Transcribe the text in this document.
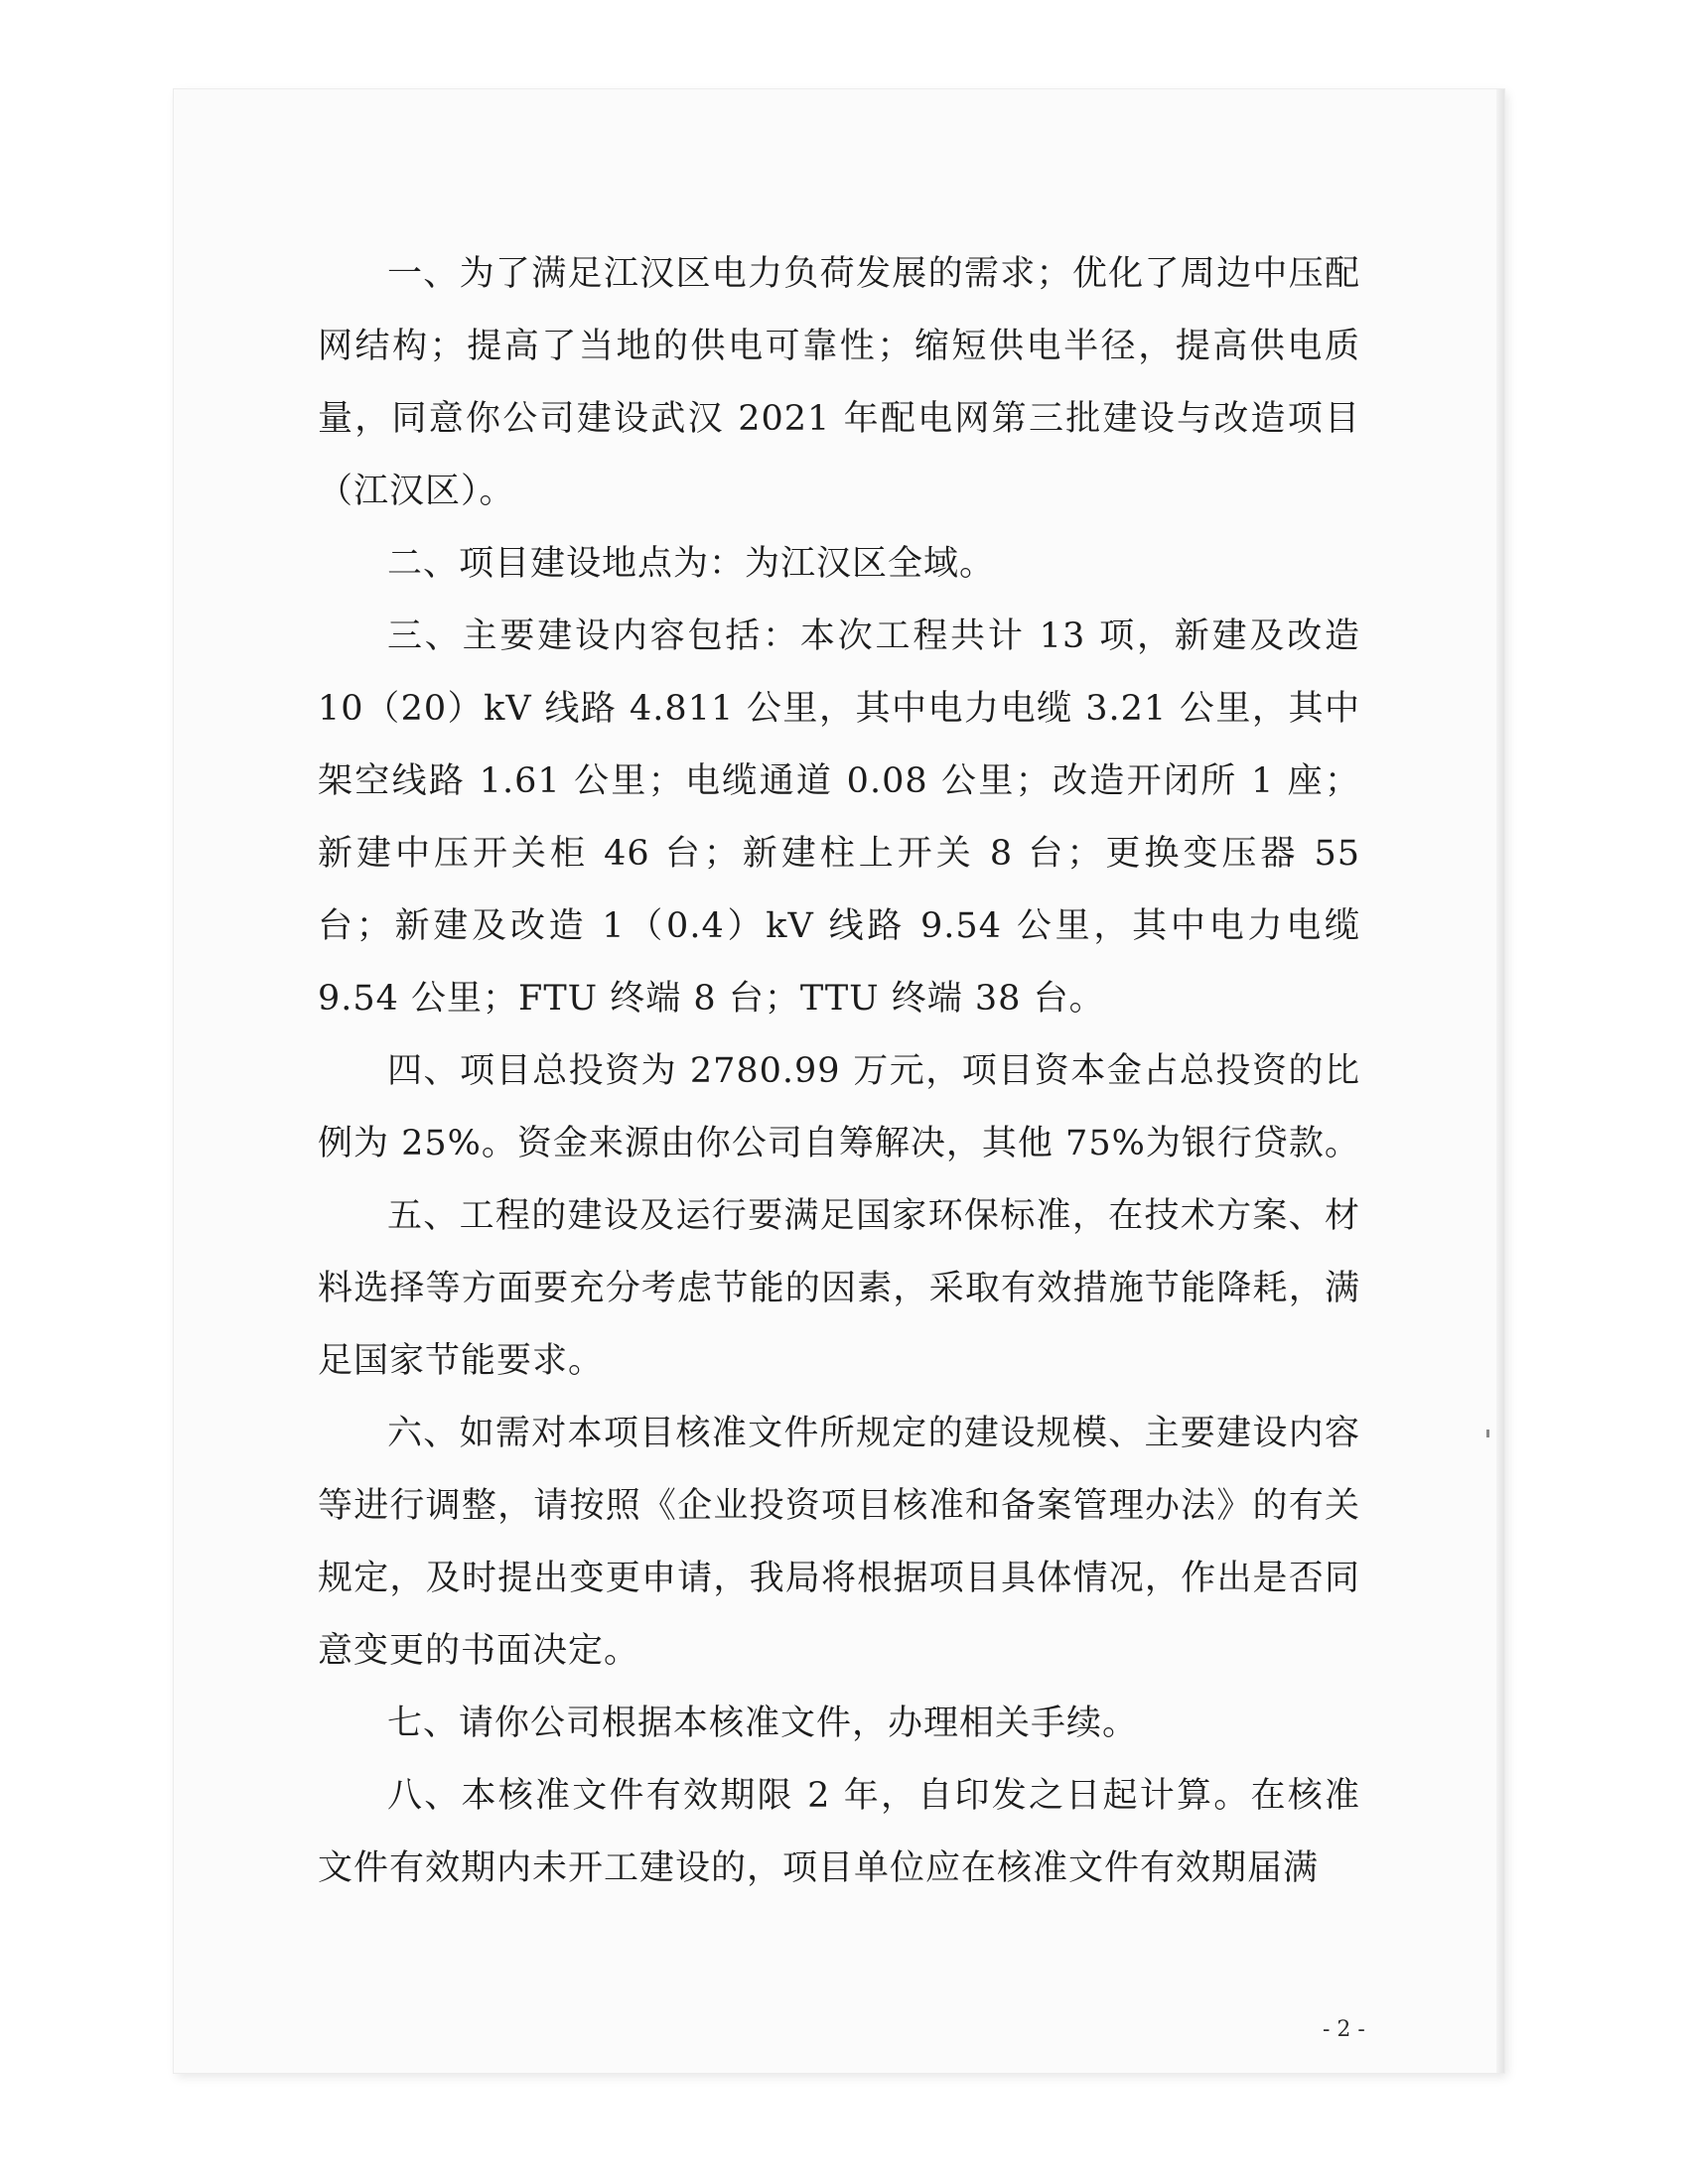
一、为了满足江汉区电力负荷发展的需求；优化了周边中压配网结构；提高了当地的供电可靠性；缩短供电半径，提高供电质量，同意你公司建设武汉 2021 年配电网第三批建设与改造项目（江汉区）。

二、项目建设地点为：为江汉区全域。

三、主要建设内容包括：本次工程共计 13 项，新建及改造 10（20）kV 线路 4.811 公里，其中电力电缆 3.21 公里，其中架空线路 1.61 公里；电缆通道 0.08 公里；改造开闭所 1 座；新建中压开关柜 46 台；新建柱上开关 8 台；更换变压器 55 台；新建及改造 1（0.4）kV 线路 9.54 公里，其中电力电缆 9.54 公里；FTU 终端 8 台；TTU 终端 38 台。

四、项目总投资为 2780.99 万元，项目资本金占总投资的比例为 25%。资金来源由你公司自筹解决，其他 75%为银行贷款。

五、工程的建设及运行要满足国家环保标准，在技术方案、材料选择等方面要充分考虑节能的因素，采取有效措施节能降耗，满足国家节能要求。

六、如需对本项目核准文件所规定的建设规模、主要建设内容等进行调整，请按照《企业投资项目核准和备案管理办法》的有关规定，及时提出变更申请，我局将根据项目具体情况，作出是否同意变更的书面决定。

七、请你公司根据本核准文件，办理相关手续。

八、本核准文件有效期限 2 年，自印发之日起计算。在核准文件有效期内未开工建设的，项目单位应在核准文件有效期届满

- 2 -
